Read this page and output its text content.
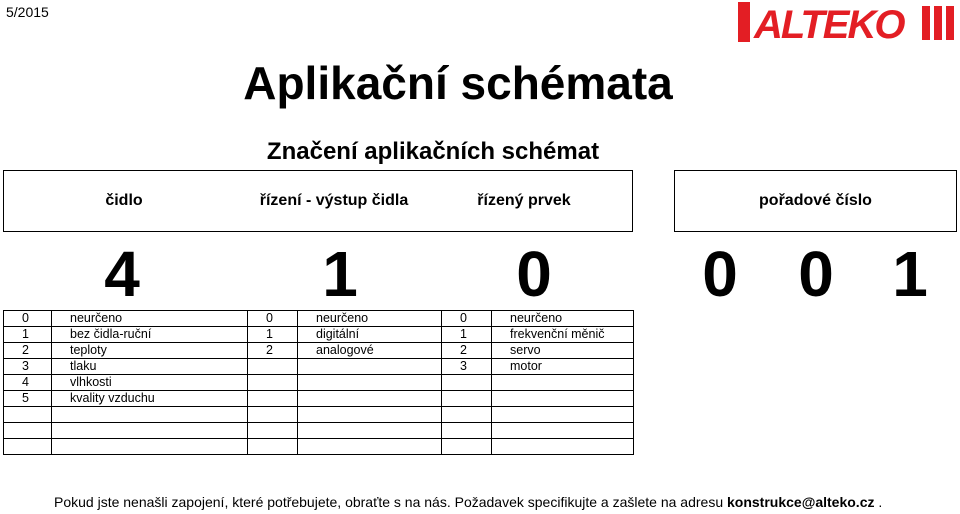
5/2015	ALTEKO
Aplikační schémata
Značení aplikačních schémat
čidlo	řízení - výstup čidla	řízený prvek	pořadové číslo
4	1	0	0 0 1
0	neurčeno	0	neurčeno	0	neurčeno
1	bez čidla-ruční	1	digitální	1	frekvenční měnič
2	teploty	2	analogové	2	servo
3	tlaku			3	motor
4	vlhkosti				
5	kvality vzduchu				

Pokud jste nenašli zapojení, které potřebujete, obraťte s na nás. Požadavek specifikujte a zašlete na adresu konstrukce@alteko.cz .
